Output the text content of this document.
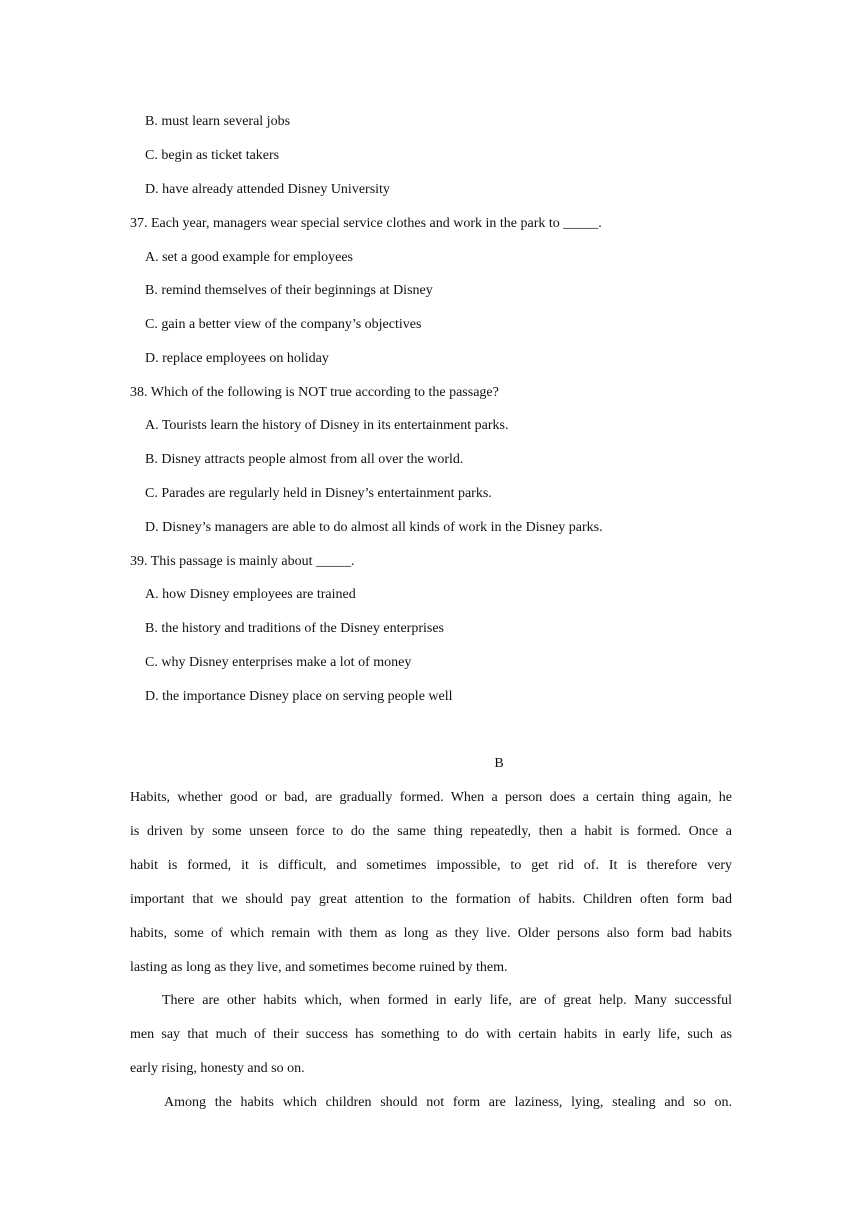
B. must learn several jobs
C. begin as ticket takers
D. have already attended Disney University
37. Each year, managers wear special service clothes and work in the park to _____.
A. set a good example for employees
B. remind themselves of their beginnings at Disney
C. gain a better view of the company’s objectives
D. replace employees on holiday
38. Which of the following is NOT true according to the passage?
A. Tourists learn the history of Disney in its entertainment parks.
B. Disney attracts people almost from all over the world.
C. Parades are regularly held in Disney’s entertainment parks.
D. Disney’s managers are able to do almost all kinds of work in the Disney parks.
39. This passage is mainly about _____.
A. how Disney employees are trained
B. the history and traditions of the Disney enterprises
C. why Disney enterprises make a lot of money
D. the importance Disney place on serving people well
B
Habits, whether good or bad, are gradually formed. When a person does a certain thing again, he
is driven by some unseen force to do the same thing repeatedly, then a habit is formed. Once a
habit is formed, it is difficult, and sometimes impossible, to get rid of. It is therefore very
important that we should pay great attention to the formation of habits. Children often form bad
habits, some of which remain with them as long as they live. Older persons also form bad habits
lasting as long as they live, and sometimes become ruined by them.
There are other habits which, when formed in early life, are of great help. Many successful
men say that much of their success has something to do with certain habits in early life, such as
early rising, honesty and so on.
Among the habits which children should not form are laziness, lying, stealing and so on.
